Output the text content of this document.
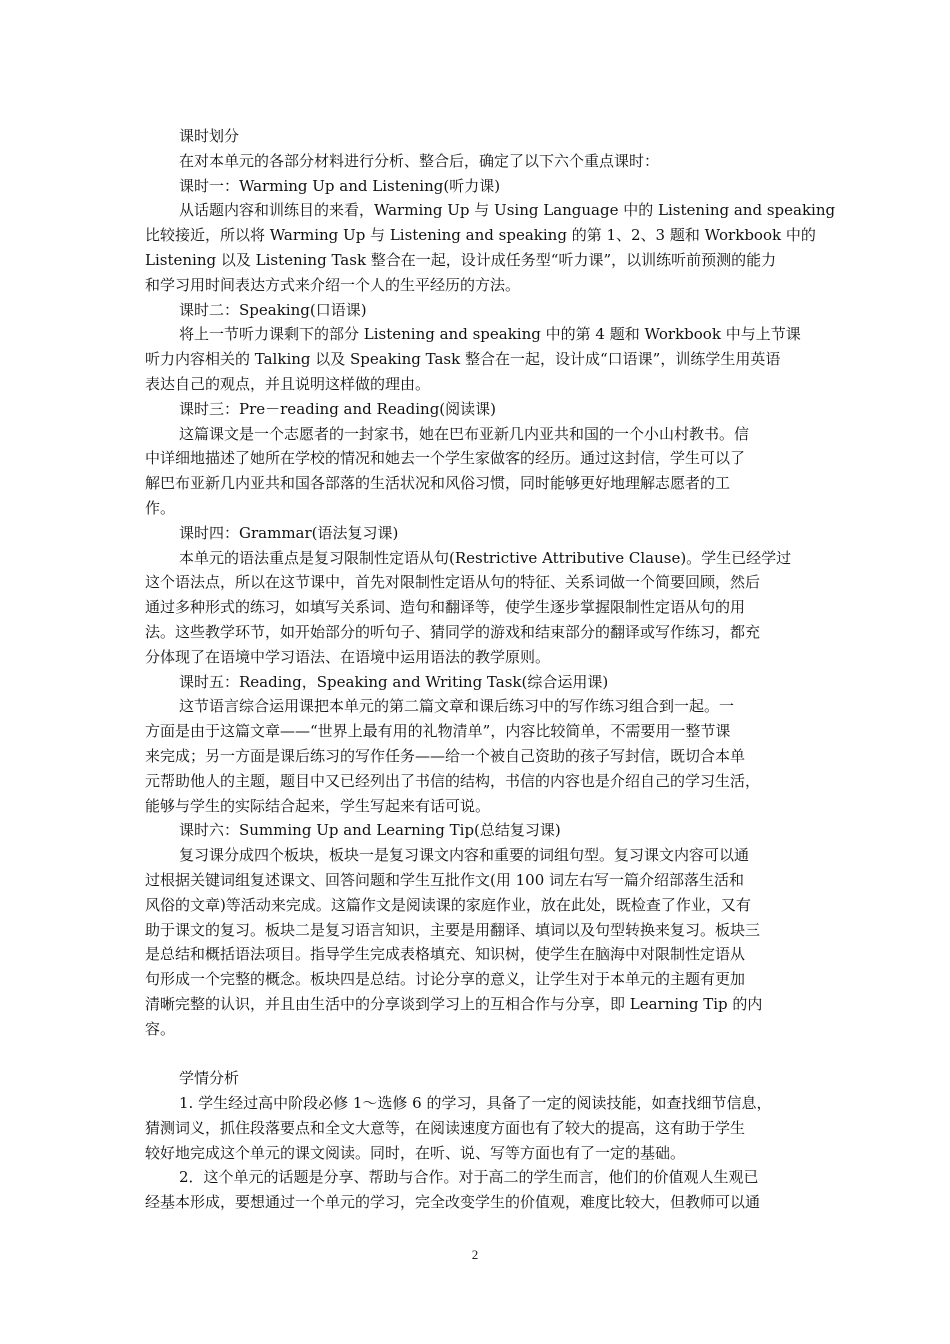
课时划分
在对本单元的各部分材料进行分析、整合后，确定了以下六个重点课时：
课时一：Warming Up and Listening(听力课)
从话题内容和训练目的来看，Warming Up 与 Using Language 中的 Listening and speaking
比较接近，所以将 Warming Up 与 Listening and speaking 的第 1、2、3 题和 Workbook 中的
Listening 以及 Listening Task 整合在一起，设计成任务型“听力课”，以训练听前预测的能力
和学习用时间表达方式来介绍一个人的生平经历的方法。
课时二：Speaking(口语课)
将上一节听力课剩下的部分 Listening and speaking 中的第 4 题和 Workbook 中与上节课
听力内容相关的 Talking 以及 Speaking Task 整合在一起，设计成“口语课”，训练学生用英语
表达自己的观点，并且说明这样做的理由。
课时三：Pre－reading and Reading(阅读课)
这篇课文是一个志愿者的一封家书，她在巴布亚新几内亚共和国的一个小山村教书。信
中详细地描述了她所在学校的情况和她去一个学生家做客的经历。通过这封信，学生可以了
解巴布亚新几内亚共和国各部落的生活状况和风俗习惯，同时能够更好地理解志愿者的工
作。
课时四：Grammar(语法复习课)
本单元的语法重点是复习限制性定语从句(Restrictive Attributive Clause)。学生已经学过
这个语法点，所以在这节课中，首先对限制性定语从句的特征、关系词做一个简要回顾，然后
通过多种形式的练习，如填写关系词、造句和翻译等，使学生逐步掌握限制性定语从句的用
法。这些教学环节，如开始部分的听句子、猜同学的游戏和结束部分的翻译或写作练习，都充
分体现了在语境中学习语法、在语境中运用语法的教学原则。
课时五：Reading，Speaking and Writing Task(综合运用课)
这节语言综合运用课把本单元的第二篇文章和课后练习中的写作练习组合到一起。一
方面是由于这篇文章——“世界上最有用的礼物清单”，内容比较简单，不需要用一整节课
来完成；另一方面是课后练习的写作任务——给一个被自己资助的孩子写封信，既切合本单
元帮助他人的主题，题目中又已经列出了书信的结构，书信的内容也是介绍自己的学习生活，
能够与学生的实际结合起来，学生写起来有话可说。
课时六：Summing Up and Learning Tip(总结复习课)
复习课分成四个板块，板块一是复习课文内容和重要的词组句型。复习课文内容可以通
过根据关键词组复述课文、回答问题和学生互批作文(用 100 词左右写一篇介绍部落生活和
风俗的文章)等活动来完成。这篇作文是阅读课的家庭作业，放在此处，既检查了作业，又有
助于课文的复习。板块二是复习语言知识，主要是用翻译、填词以及句型转换来复习。板块三
是总结和概括语法项目。指导学生完成表格填充、知识树，使学生在脑海中对限制性定语从
句形成一个完整的概念。板块四是总结。讨论分享的意义，让学生对于本单元的主题有更加
清晰完整的认识，并且由生活中的分享谈到学习上的互相合作与分享，即 Learning Tip 的内
容。
学情分析
1. 学生经过高中阶段必修 1～选修 6 的学习，具备了一定的阅读技能，如查找细节信息，
猜测词义，抓住段落要点和全文大意等，在阅读速度方面也有了较大的提高，这有助于学生
较好地完成这个单元的课文阅读。同时，在听、说、写等方面也有了一定的基础。
2．这个单元的话题是分享、帮助与合作。对于高二的学生而言，他们的价值观人生观已
经基本形成，要想通过一个单元的学习，完全改变学生的价值观，难度比较大，但教师可以通
2
